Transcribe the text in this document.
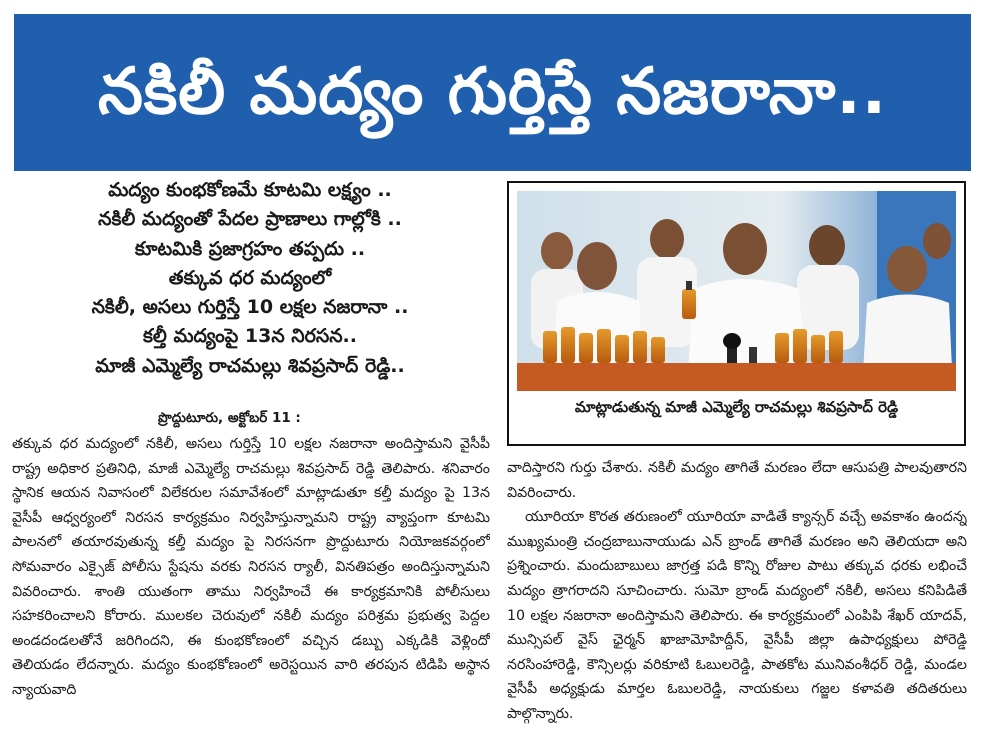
నకిలీ మద్యం గుర్తిస్తే నజరానా..
మద్యం కుంభకోణమే కూటమి లక్ష్యం ..
నకిలీ మద్యంతో పేదల ప్రాణాలు గాల్లోకి ..
కూటమికి ప్రజాగ్రహం తప్పదు ..
తక్కువ ధర మద్యంలో
నకిలీ, అసలు గుర్తిస్తే 10 లక్షల నజరానా ..
కల్తీ మద్యంపై 13న నిరసన..
మాజీ ఎమ్మెల్యే రాచమల్లు శివప్రసాద్ రెడ్డి..
ప్రొద్దుటూరు, అక్టోబర్ 11 :

తక్కువ ధర మద్యంలో నకిలీ, అసలు గుర్తిస్తే 10 లక్షల నజరానా అందిస్తామని వైసీపీ రాష్ట్ర అధికార ప్రతినిధి, మాజీ ఎమ్మెల్యే రాచమల్లు శివప్రసాద్ రెడ్డి తెలిపారు. శనివారం స్థానిక ఆయన నివాసంలో విలేకరుల సమావేశంలో మాట్లాడుతూ కల్తీ మద్యం పై 13న వైసీపీ ఆధ్వర్యంలో నిరసన కార్యక్రమం నిర్వహిస్తున్నామని రాష్ట్ర వ్యాప్తంగా కూటమి పాలనలో తయారవుతున్న కల్తీ మద్యం పై నిరసనగా ప్రొద్దుటూరు నియోజకవర్గంలో సోమవారం ఎక్సైజ్ పోలీసు స్టేషను వరకు నిరసన ర్యాలీ, వినతిపత్రం అందిస్తున్నామని వివరించారు. శాంతి యుతంగా తాము నిర్వహించే ఈ కార్యక్రమానికి పోలీసులు సహకరించాలని కోరారు. ములకల చెరువులో నకిలీ మద్యం పరిశ్రమ ప్రభుత్వ పెద్దల అండదండలతోనే జరిగిందని, ఈ కుంభకోణంలో వచ్చిన డబ్బు ఎక్కడికి వెళ్లిందో తెలియడం లేదన్నారు. మద్యం కుంభకోణంలో అరెస్టయిన వారి తరపున టిడిపి అస్థాన న్యాయవాది

మాట్లాడుతున్న మాజీ ఎమ్మెల్యే రాచమల్లు శివప్రసాద్ రెడ్డి

వాదిస్తారని గుర్తు చేశారు. నకిలీ మద్యం తాగితే మరణం లేదా ఆసుపత్రి పాలవుతారని వివరించారు.

యూరియా కొరత తరుణంలో యూరియా వాడితే క్యాన్సర్ వచ్చే అవకాశం ఉందన్న ముఖ్యమంత్రి చంద్రబాబునాయుడు ఎన్ బ్రాండ్ తాగితే మరణం అని తెలియదా అని ప్రశ్నించారు. మందుబాబులు జాగ్రత్త పడి కొన్ని రోజుల పాటు తక్కువ ధరకు లభించే మద్యం త్రాగరాదని సూచించారు. సుమో బ్రాండ్ మద్యంలో నకిలీ, అసలు కనిపిడితే 10 లక్షల నజరానా అందిస్తామని తెలిపారు. ఈ కార్యక్రమంలో ఎంపిపి శేఖర్ యాదవ్, మున్సిపల్ వైస్ ఛైర్మన్ ఖాజామోహిద్దీన్, వైసీపీ జిల్లా ఉపాధ్యక్షులు పోరెడ్డి నరసింహారెడ్డి, కౌన్సిలర్లు వరికూటి ఓబులరెడ్డి, పాతకోట మునివంశీధర్ రెడ్డి, మండల వైసీపీ అధ్యక్షుడు మార్తల ఓబులరెడ్డి, నాయకులు గజ్జల కళావతి తదితరులు పాల్గొన్నారు.
